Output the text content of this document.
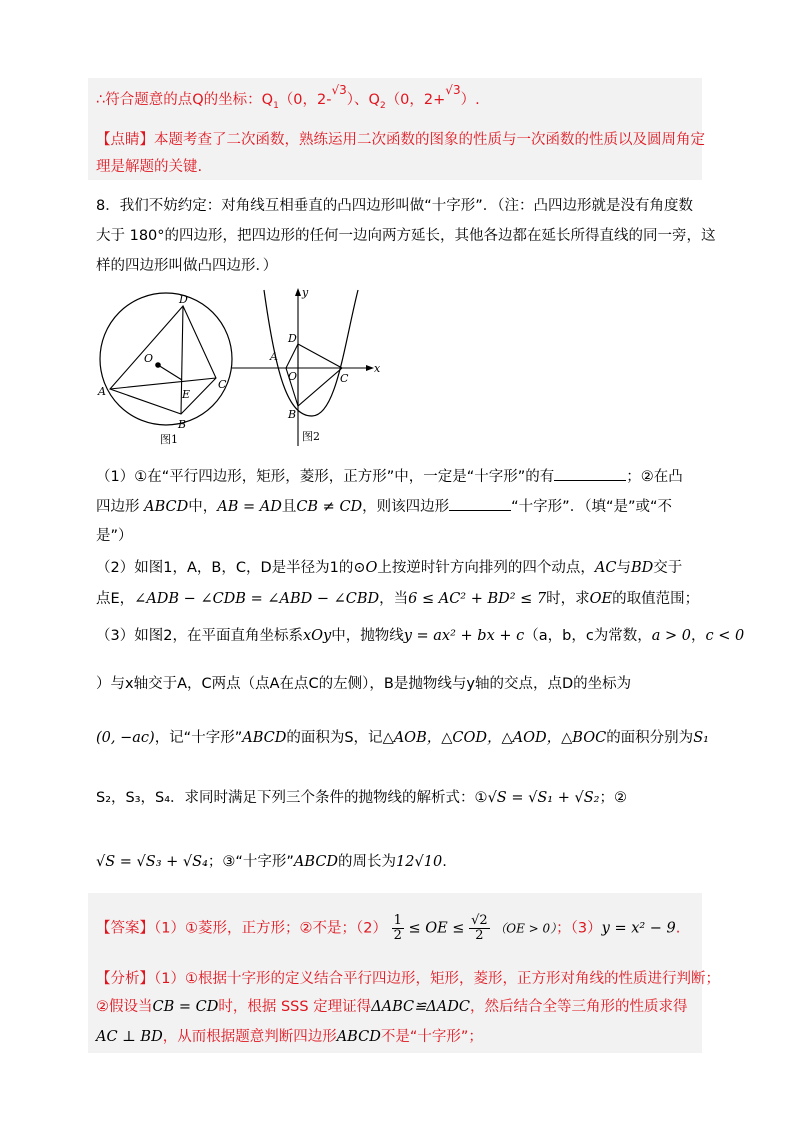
∴符合题意的点Q的坐标：$Q_1(0$，2-$^{√3}$）、$Q_2(0$，2+$^{√3}$）.
【点睛】本题考查了二次函数，熟练运用二次函数的图象的性质与一次函数的性质以及圆周角定
理是解题的关键.
8．我们不妨约定：对角线互相垂直的凸四边形叫做“十字形”．（注：凸四边形就是没有角度数
大于 180°的四边形，把四边形的任何一边向两方延长，其他各边都在延长所得直线的同一旁，这
样的四边形叫做凸四边形．）
D
O
A	E
C
B
图1
y
x
D
A
O	C
B
图2
（1）①在“平行四边形，矩形，菱形，正方形”中，一定是“十字形”的有	；②在凸
四边形 ABCD中，AB = AD且CB ≠ CD，则该四边形	“十字形”．（填“是”或“不
是”）
（2）如图1，A，B，C，D是半径为1的⊙O上按逆时针方向排列的四个动点，AC与BD交于
点E，∠ADB − ∠CDB = ∠ABD − ∠CBD，当6 ≤ AC² + BD² ≤ 7时，求OE的取值范围；
（3）如图2，在平面直角坐标系xOy中，抛物线y = ax² + bx + c（a，b，c为常数，a > 0，c < 0
）与x轴交于A，C两点（点A在点C的左侧），B是抛物线与y轴的交点，点D的坐标为
(0, −ac)，记“十字形”ABCD的面积为S，记△AOB，△COD，△AOD，△BOC的面积分别为S₁
S₂，S₃，S₄．求同时满足下列三个条件的抛物线的解析式：①√S = √S₁ + √S₂；②
√S = √S₃ + √S₄；③“十字形”ABCD的周长为12√10.
【答案】（1）①菱形，正方形；②不是；$(2) \frac{1}{2}$ ≤ OE ≤ $\frac{√2}{2} (OE > 0)$；（3）y = x² − 9.
【分析】（1）①根据十字形的定义结合平行四边形，矩形，菱形，正方形对角线的性质进行判断；
②假设当CB = CD时，根据 SSS 定理证得ΔABC≌ΔADC，然后结合全等三角形的性质求得
AC ⊥ BD，从而根据题意判断四边形ABCD不是“十字形”；
